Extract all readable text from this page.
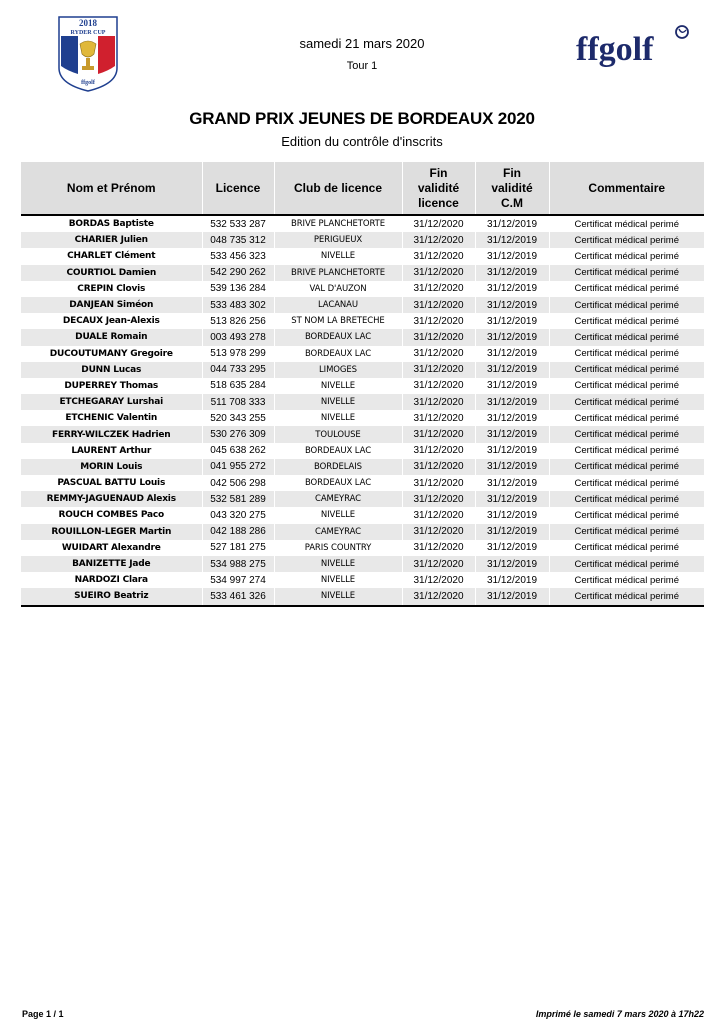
2018
RYDER CUP
ffgolf
ffgolf
samedi 21 mars 2020
Tour 1
GRAND PRIX JEUNES DE BORDEAUX 2020
Edition du contrôle d'inscrits
Nom et Prénom	Licence	Club de licence	Fin
validité
licence	Fin
validité
C.M	Commentaire
BORDAS Baptiste	532 533 287	BRIVE PLANCHETORTE	31/12/2020	31/12/2019	Certificat médical perimé
CHARIER Julien	048 735 312	PERIGUEUX	31/12/2020	31/12/2019	Certificat médical perimé
CHARLET Clément	533 456 323	NIVELLE	31/12/2020	31/12/2019	Certificat médical perimé
COURTIOL Damien	542 290 262	BRIVE PLANCHETORTE	31/12/2020	31/12/2019	Certificat médical perimé
CREPIN Clovis	539 136 284	VAL D'AUZON	31/12/2020	31/12/2019	Certificat médical perimé
DANJEAN Siméon	533 483 302	LACANAU	31/12/2020	31/12/2019	Certificat médical perimé
DECAUX Jean-Alexis	513 826 256	ST NOM LA BRETECHE	31/12/2020	31/12/2019	Certificat médical perimé
DUALE Romain	003 493 278	BORDEAUX LAC	31/12/2020	31/12/2019	Certificat médical perimé
DUCOUTUMANY Gregoire	513 978 299	BORDEAUX LAC	31/12/2020	31/12/2019	Certificat médical perimé
DUNN Lucas	044 733 295	LIMOGES	31/12/2020	31/12/2019	Certificat médical perimé
DUPERREY Thomas	518 635 284	NIVELLE	31/12/2020	31/12/2019	Certificat médical perimé
ETCHEGARAY Lurshai	511 708 333	NIVELLE	31/12/2020	31/12/2019	Certificat médical perimé
ETCHENIC Valentin	520 343 255	NIVELLE	31/12/2020	31/12/2019	Certificat médical perimé
FERRY-WILCZEK Hadrien	530 276 309	TOULOUSE	31/12/2020	31/12/2019	Certificat médical perimé
LAURENT Arthur	045 638 262	BORDEAUX LAC	31/12/2020	31/12/2019	Certificat médical perimé
MORIN Louis	041 955 272	BORDELAIS	31/12/2020	31/12/2019	Certificat médical perimé
PASCUAL BATTU Louis	042 506 298	BORDEAUX LAC	31/12/2020	31/12/2019	Certificat médical perimé
REMMY-JAGUENAUD Alexis	532 581 289	CAMEYRAC	31/12/2020	31/12/2019	Certificat médical perimé
ROUCH COMBES Paco	043 320 275	NIVELLE	31/12/2020	31/12/2019	Certificat médical perimé
ROUILLON-LEGER Martin	042 188 286	CAMEYRAC	31/12/2020	31/12/2019	Certificat médical perimé
WUIDART Alexandre	527 181 275	PARIS COUNTRY	31/12/2020	31/12/2019	Certificat médical perimé
BANIZETTE Jade	534 988 275	NIVELLE	31/12/2020	31/12/2019	Certificat médical perimé
NARDOZI Clara	534 997 274	NIVELLE	31/12/2020	31/12/2019	Certificat médical perimé
SUEIRO Beatriz	533 461 326	NIVELLE	31/12/2020	31/12/2019	Certificat médical perimé
Page 1 / 1	Imprimé le samedi 7 mars 2020 à 17h22
